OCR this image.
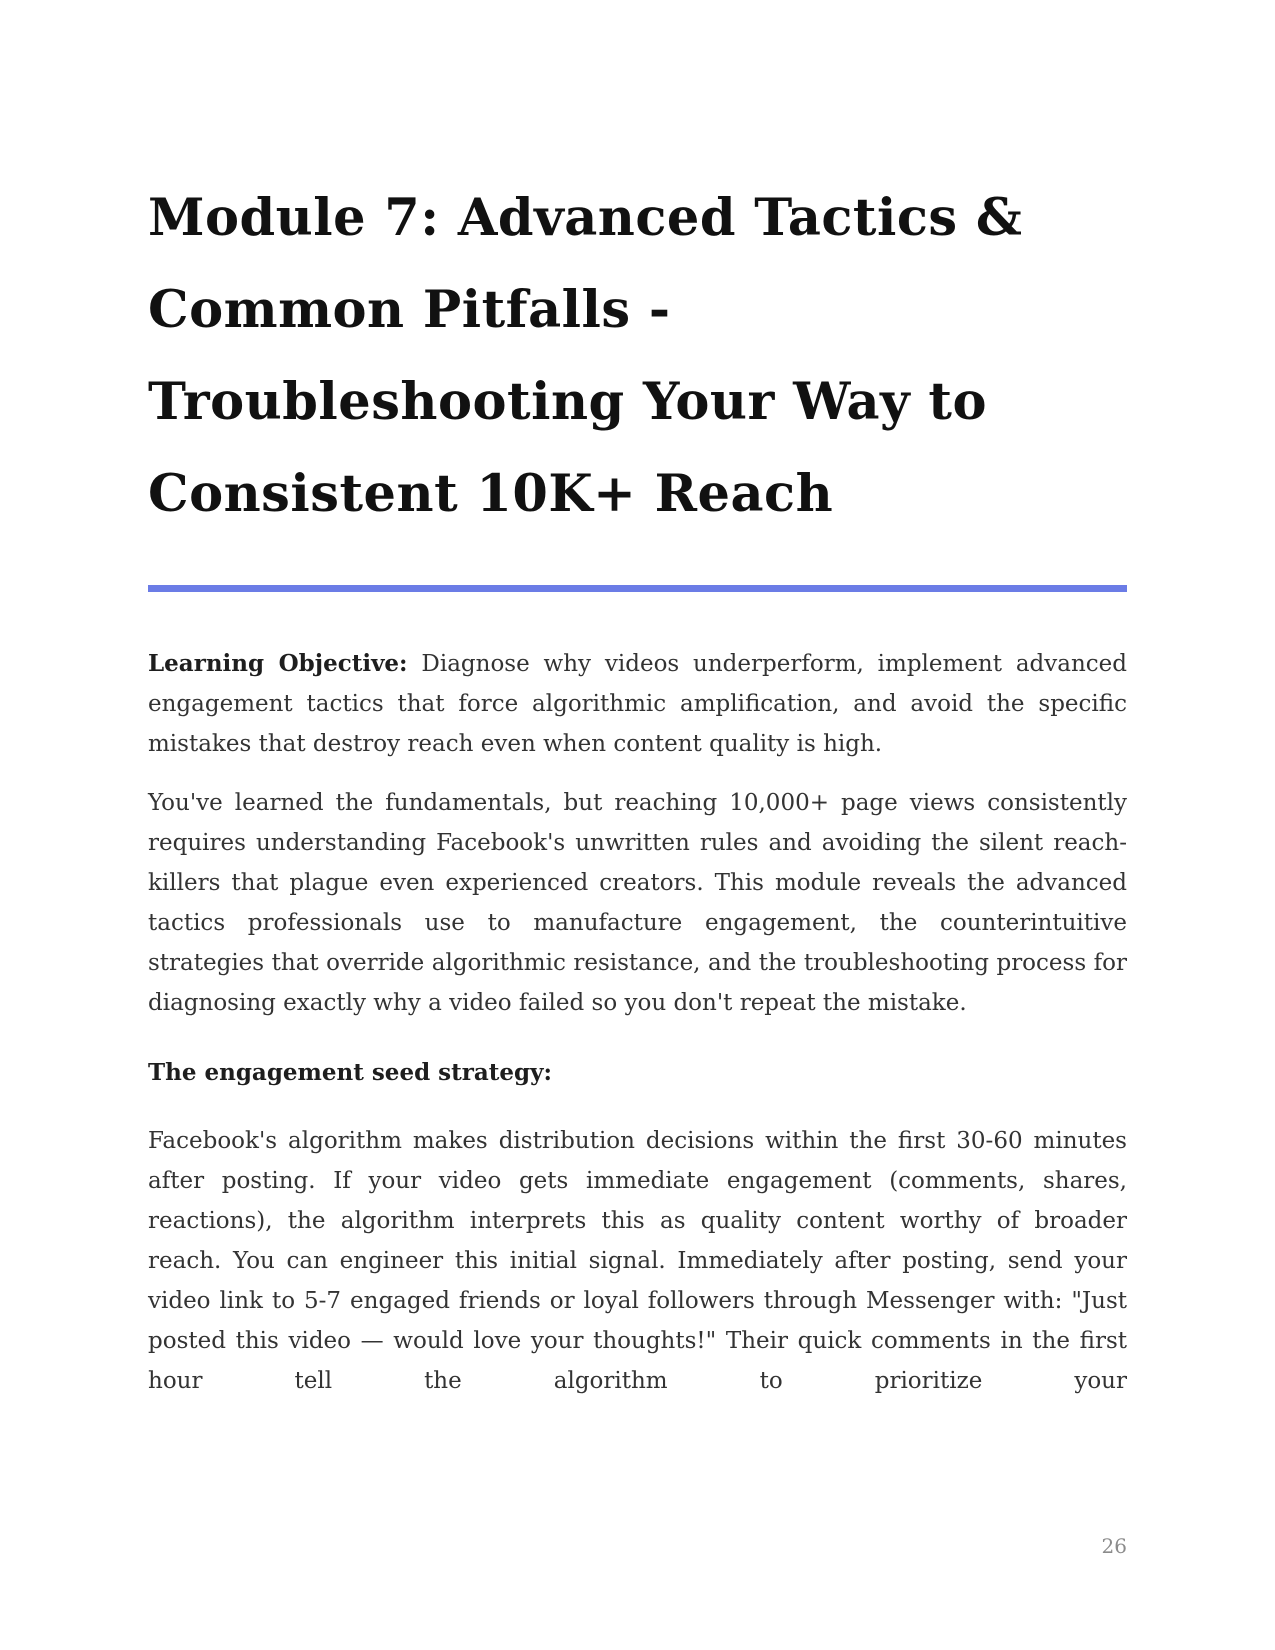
Module 7: Advanced Tactics &
Common Pitfalls -
Troubleshooting Your Way to
Consistent 10K+ Reach

Learning Objective: Diagnose why videos underperform, implement advanced engagement tactics that force algorithmic amplification, and avoid the specific mistakes that destroy reach even when content quality is high.

You've learned the fundamentals, but reaching 10,000+ page views consistently requires understanding Facebook's unwritten rules and avoiding the silent reach-killers that plague even experienced creators. This module reveals the advanced tactics professionals use to manufacture engagement, the counterintuitive strategies that override algorithmic resistance, and the troubleshooting process for diagnosing exactly why a video failed so you don't repeat the mistake.

The engagement seed strategy:

Facebook's algorithm makes distribution decisions within the first 30-60 minutes after posting. If your video gets immediate engagement (comments, shares, reactions), the algorithm interprets this as quality content worthy of broader reach. You can engineer this initial signal. Immediately after posting, send your video link to 5-7 engaged friends or loyal followers through Messenger with: "Just posted this video — would love your thoughts!" Their quick comments in the first hour tell the algorithm to prioritize your

26
